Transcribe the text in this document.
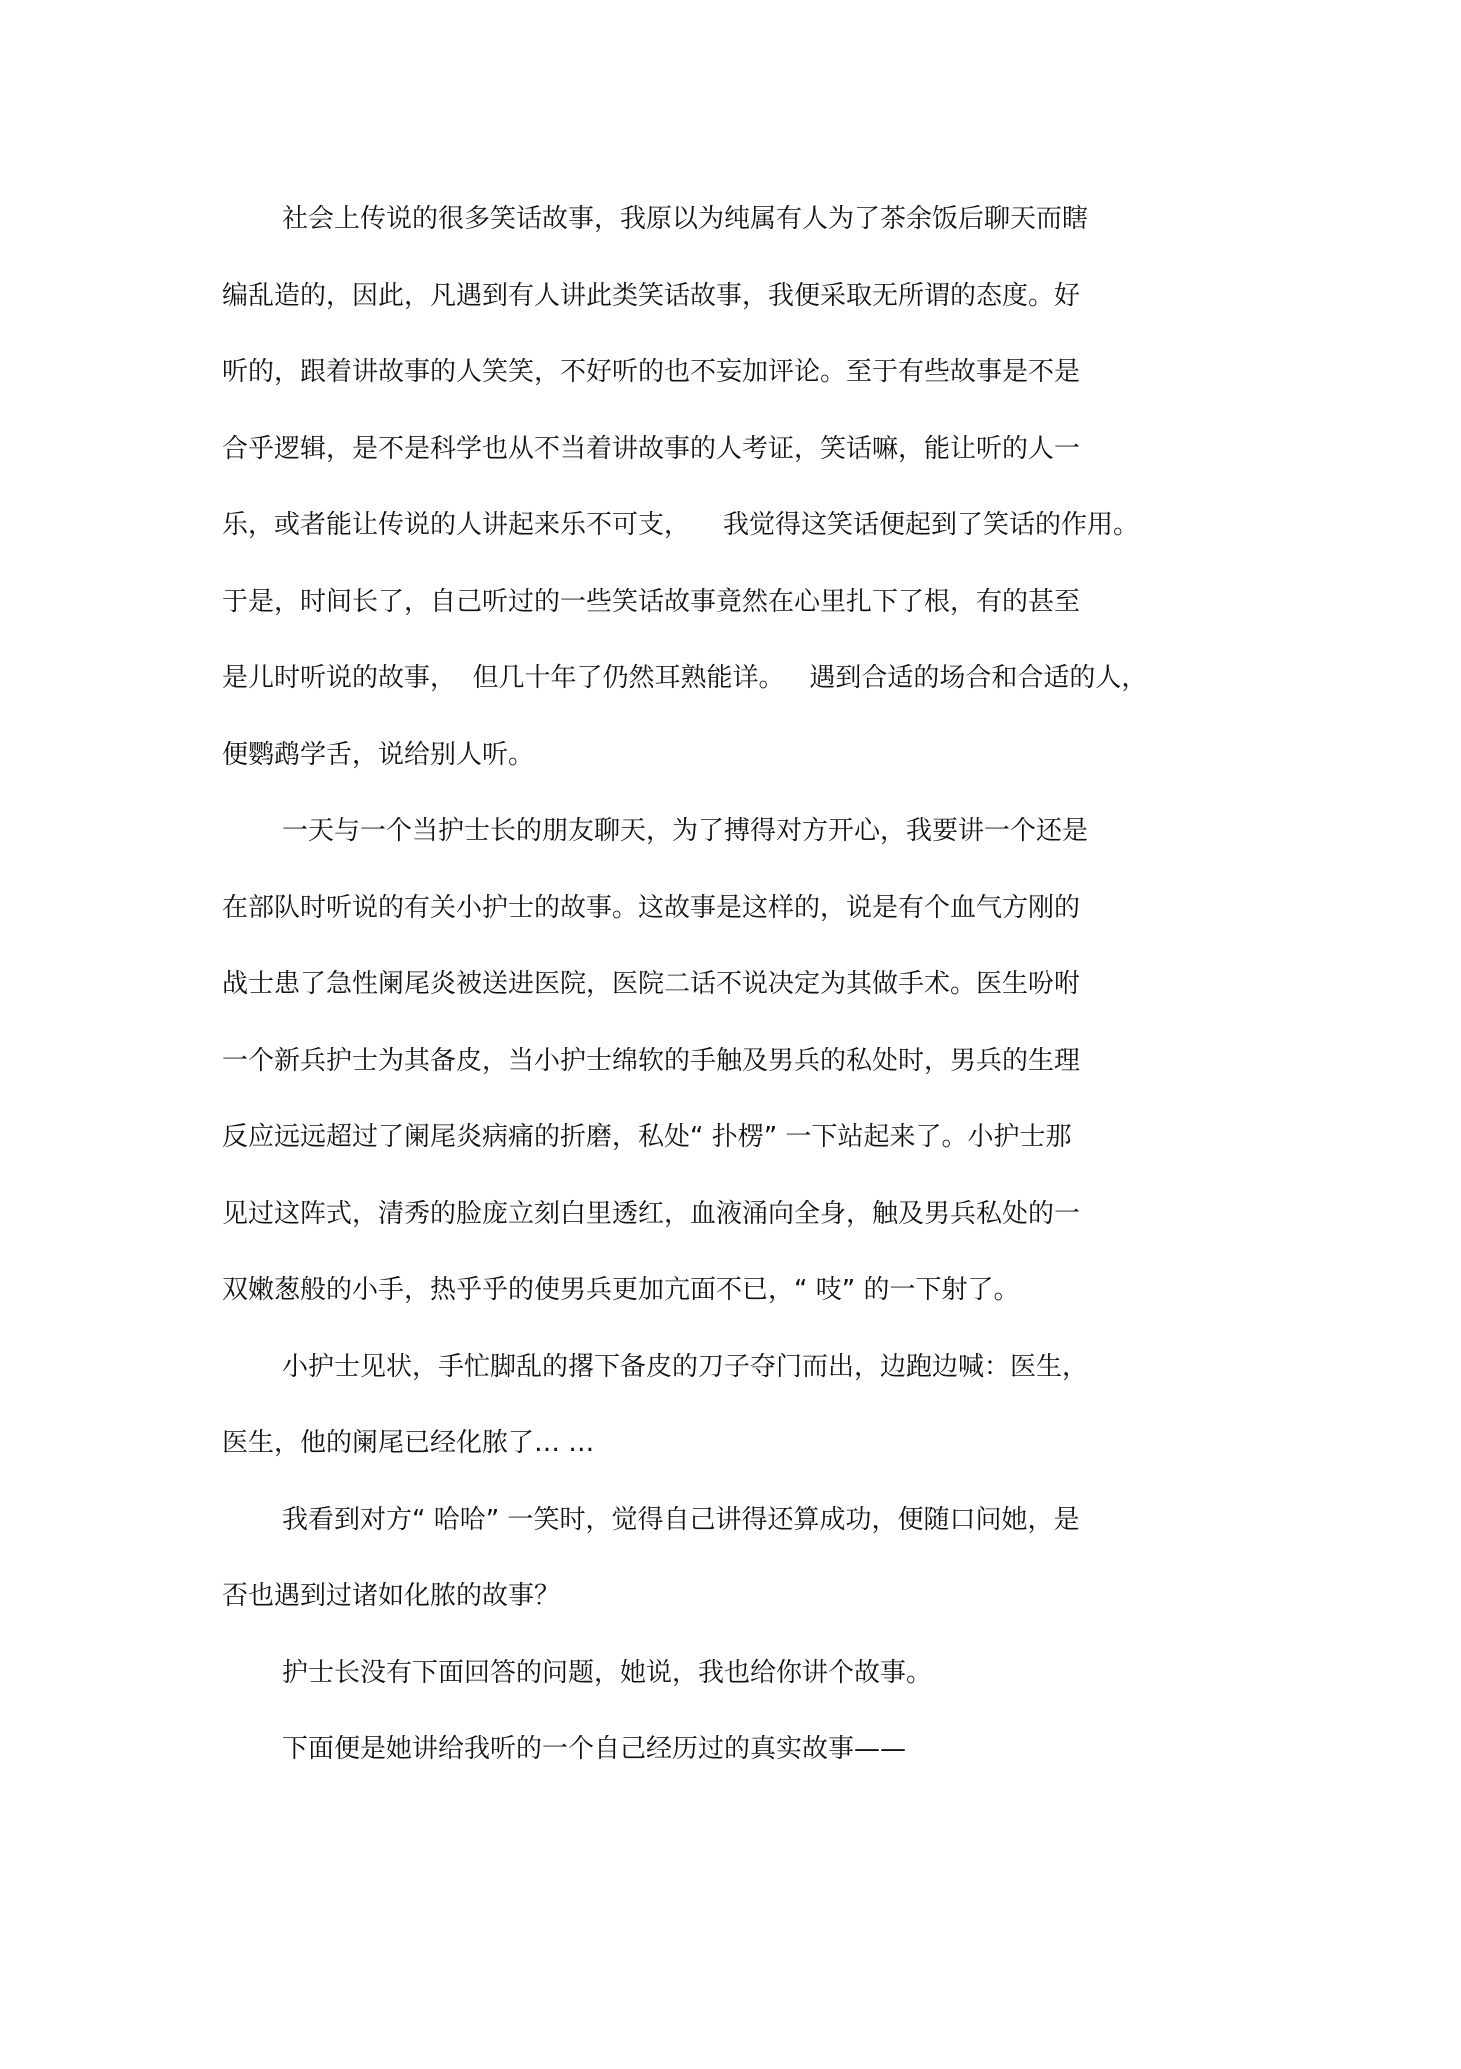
社会上传说的很多笑话故事，我原以为纯属有人为了茶余饭后聊天而瞎
编乱造的，因此，凡遇到有人讲此类笑话故事，我便采取无所谓的态度。好
听的，跟着讲故事的人笑笑，不好听的也不妄加评论。至于有些故事是不是
合乎逻辑，是不是科学也从不当着讲故事的人考证，笑话嘛，能让听的人一
乐，或者能让传说的人讲起来乐不可支，    我觉得这笑话便起到了笑话的作用。
于是，时间长了，自己听过的一些笑话故事竟然在心里扎下了根，有的甚至
是儿时听说的故事，  但几十年了仍然耳熟能详。   遇到合适的场合和合适的人，
便鹦鹉学舌，说给别人听。
一天与一个当护士长的朋友聊天，为了搏得对方开心，我要讲一个还是
在部队时听说的有关小护士的故事。这故事是这样的，说是有个血气方刚的
战士患了急性阑尾炎被送进医院，医院二话不说决定为其做手术。医生吩咐
一个新兵护士为其备皮，当小护士绵软的手触及男兵的私处时，男兵的生理
反应远远超过了阑尾炎病痛的折磨，私处“ 扑楞” 一下站起来了。小护士那
见过这阵式，清秀的脸庞立刻白里透红，血液涌向全身，触及男兵私处的一
双嫩葱般的小手，热乎乎的使男兵更加亢面不已，“ 吱” 的一下射了。
小护士见状，手忙脚乱的撂下备皮的刀子夺门而出，边跑边喊：医生，
医生，他的阑尾已经化脓了… …
我看到对方“ 哈哈” 一笑时，觉得自己讲得还算成功，便随口问她，是
否也遇到过诸如化脓的故事？
护士长没有下面回答的问题，她说，我也给你讲个故事。
下面便是她讲给我听的一个自己经历过的真实故事——
